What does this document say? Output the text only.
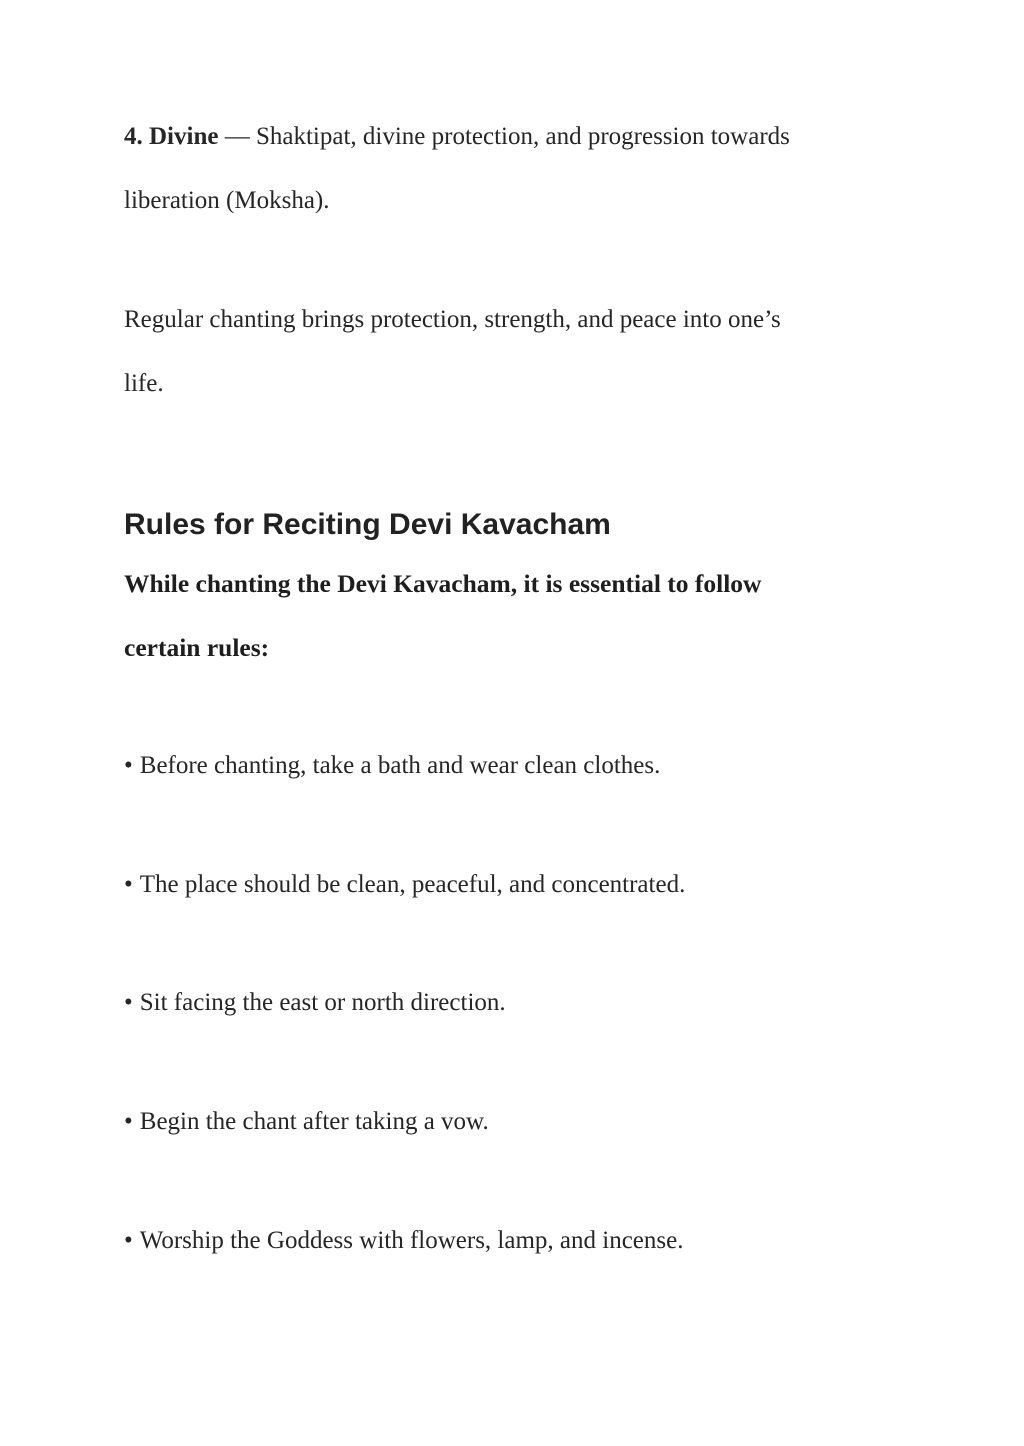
4. Divine — Shaktipat, divine protection, and progression towards
liberation (Moksha).
Regular chanting brings protection, strength, and peace into one’s
life.
Rules for Reciting Devi Kavacham
While chanting the Devi Kavacham, it is essential to follow
certain rules:
• Before chanting, take a bath and wear clean clothes.
• The place should be clean, peaceful, and concentrated.
• Sit facing the east or north direction.
• Begin the chant after taking a vow.
• Worship the Goddess with flowers, lamp, and incense.
